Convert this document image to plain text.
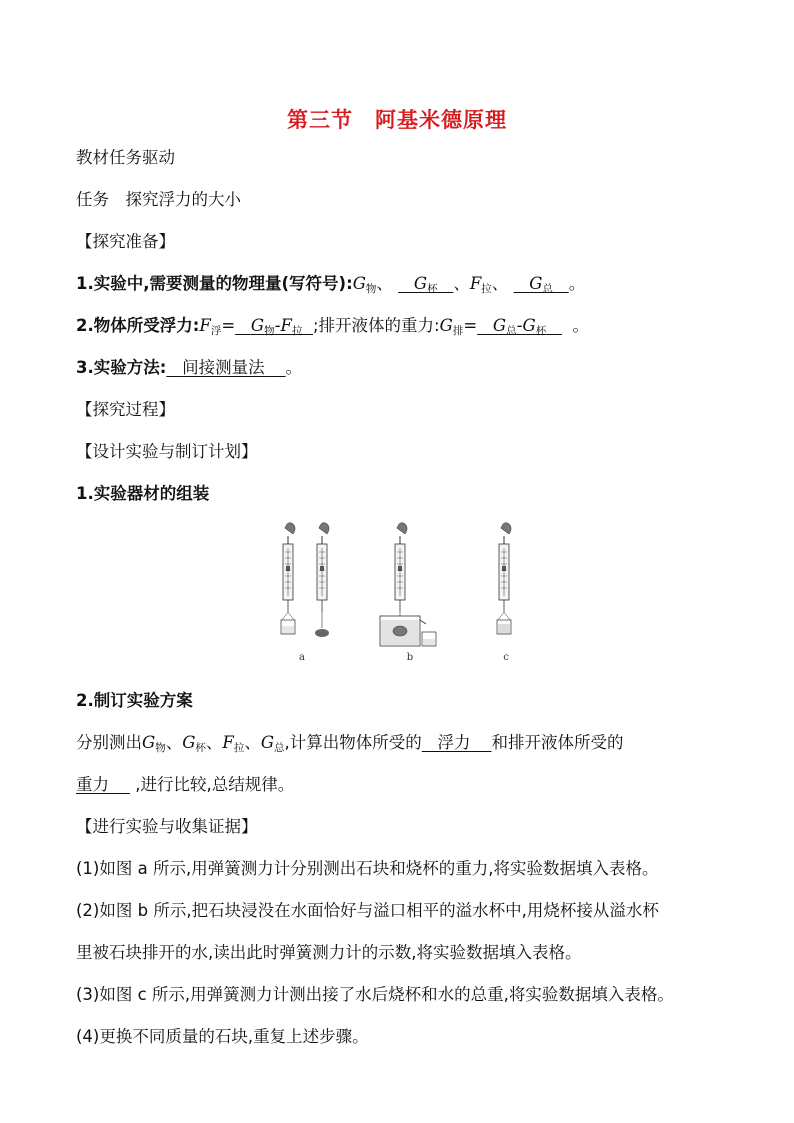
第三节　阿基米德原理
教材任务驱动
任务　探究浮力的大小
【探究准备】
1.实验中,需要测量的物理量(写符号)$:G_物$、 $G_杯$ 、$F_拉$、 $G_总$ 。
2.物体所受浮力$:F_浮= G_物-F_拉$ ;排开液体的重力$:G_排= G_总-G_杯$ 。
3.实验方法: 间接测量法 。
【探究过程】
【设计实验与制订计划】
1.实验器材的组装
a	b	c
2.制订实验方案
分别测出$G_物$、$G_杯$、$F_拉$、$G_总$,计算出物体所受的 浮力 和排开液体所受的
重力 ,进行比较,总结规律。
【进行实验与收集证据】
(1)如图 a 所示,用弹簧测力计分别测出石块和烧杯的重力,将实验数据填入表格。
(2)如图 b 所示,把石块浸没在水面恰好与溢口相平的溢水杯中,用烧杯接从溢水杯
里被石块排开的水,读出此时弹簧测力计的示数,将实验数据填入表格。
(3)如图 c 所示,用弹簧测力计测出接了水后烧杯和水的总重,将实验数据填入表格。
(4)更换不同质量的石块,重复上述步骤。
